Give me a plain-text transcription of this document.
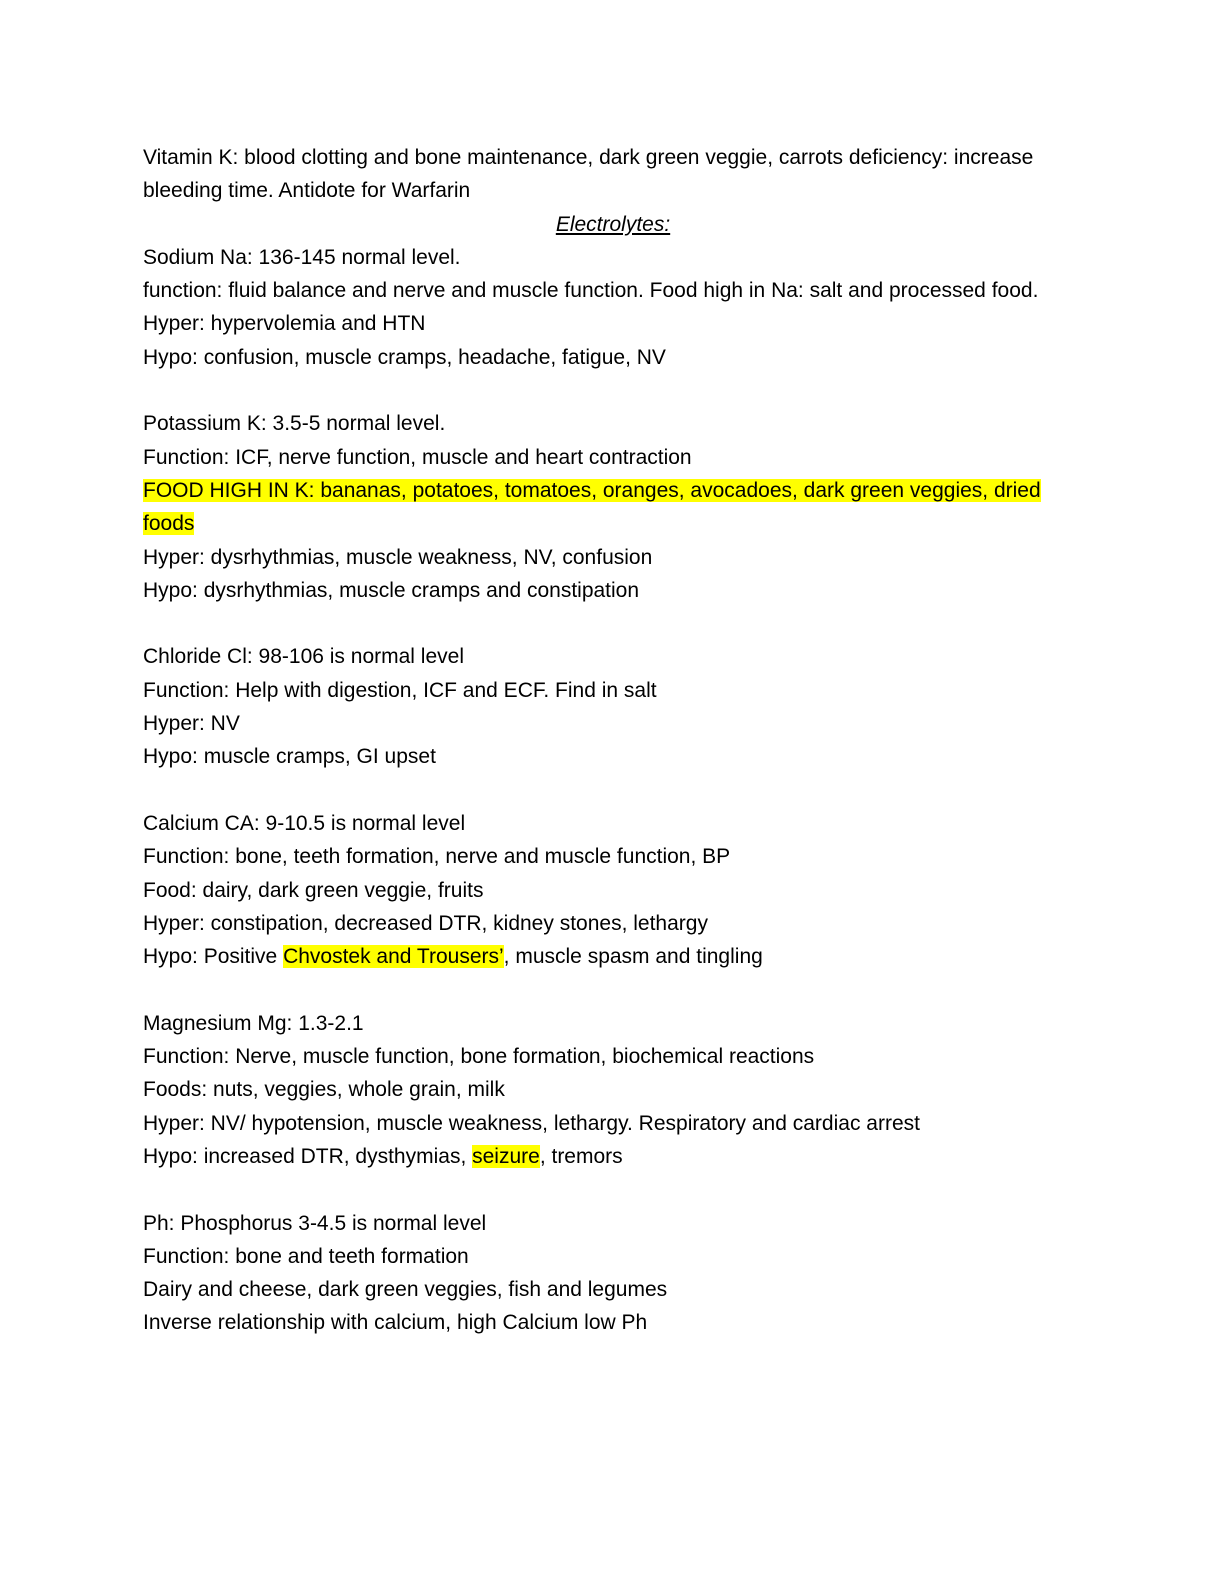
Vitamin K: blood clotting and bone maintenance, dark green veggie, carrots deficiency: increase bleeding time. Antidote for Warfarin
Electrolytes:
Sodium Na: 136-145 normal level.
function: fluid balance and nerve and muscle function. Food high in Na: salt and processed food.
Hyper: hypervolemia and HTN
Hypo: confusion, muscle cramps, headache, fatigue, NV
Potassium K: 3.5-5 normal level.
Function: ICF, nerve function, muscle and heart contraction
FOOD HIGH IN K: bananas, potatoes, tomatoes, oranges, avocadoes, dark green veggies, dried
foods
Hyper: dysrhythmias, muscle weakness, NV, confusion
Hypo: dysrhythmias, muscle cramps and constipation
Chloride Cl: 98-106 is normal level
Function: Help with digestion, ICF and ECF. Find in salt
Hyper: NV
Hypo: muscle cramps, GI upset
Calcium CA: 9-10.5 is normal level
Function: bone, teeth formation, nerve and muscle function, BP
Food: dairy, dark green veggie, fruits
Hyper: constipation, decreased DTR, kidney stones, lethargy
Hypo: Positive Chvostek and Trousers’, muscle spasm and tingling
Magnesium Mg: 1.3-2.1
Function: Nerve, muscle function, bone formation, biochemical reactions
Foods: nuts, veggies, whole grain, milk
Hyper: NV/ hypotension, muscle weakness, lethargy. Respiratory and cardiac arrest
Hypo: increased DTR, dysthymias, seizure, tremors
Ph: Phosphorus 3-4.5 is normal level
Function: bone and teeth formation
Dairy and cheese, dark green veggies, fish and legumes
Inverse relationship with calcium, high Calcium low Ph
